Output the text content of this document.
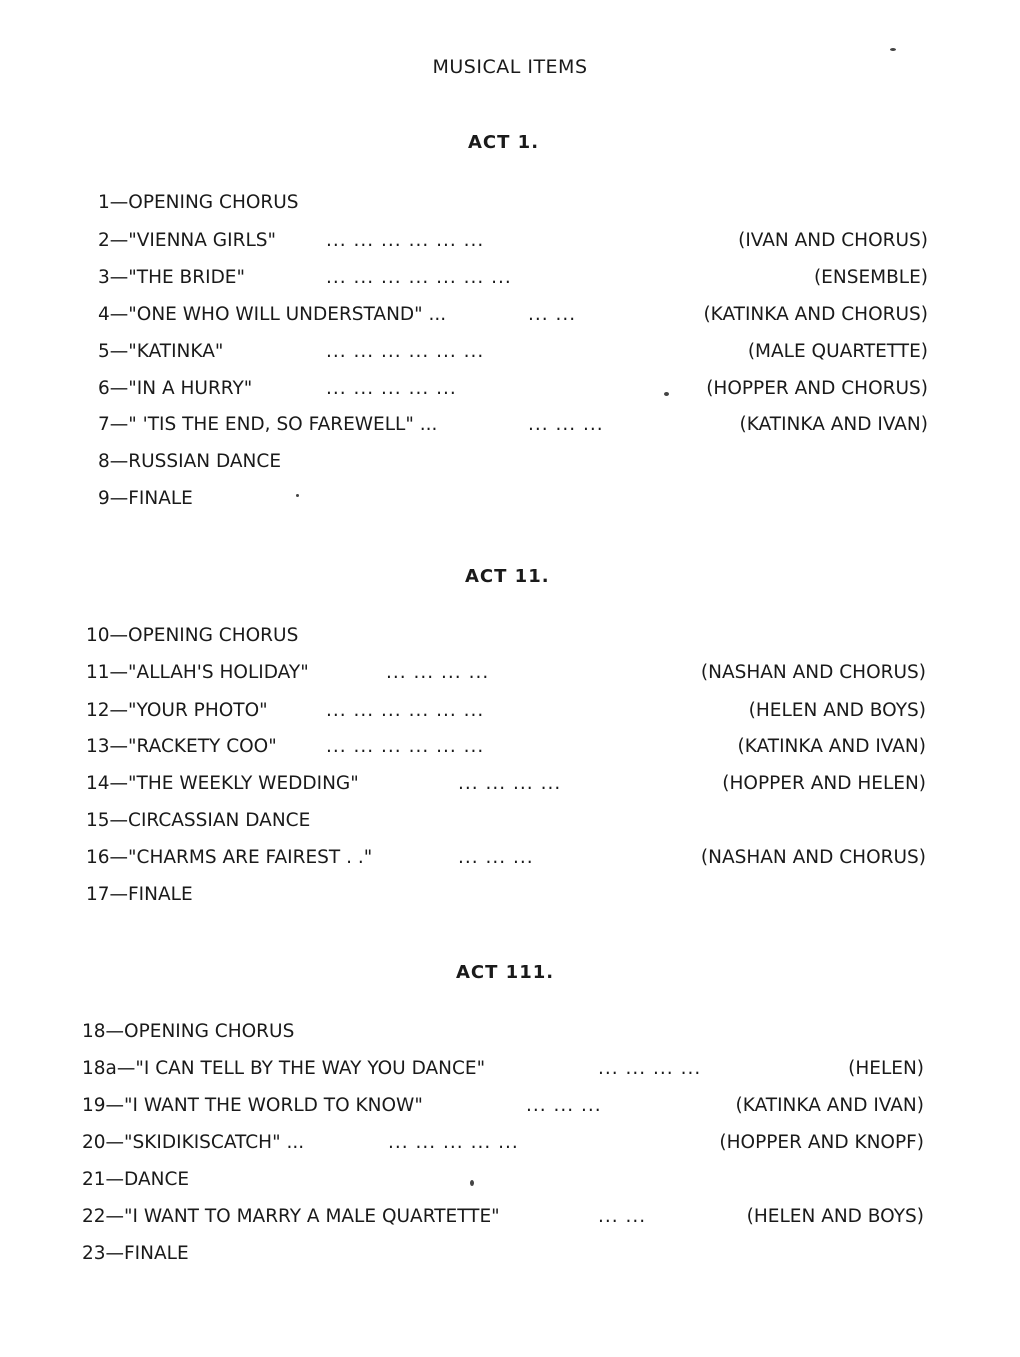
MUSICAL ITEMS
ACT 1.
1—OPENING CHORUS
2—"VIENNA GIRLS"	... ... ... ... ... ...	(IVAN AND CHORUS)
3—"THE BRIDE"	... ... ... ... ... ... ...	(ENSEMBLE)
4—"ONE WHO WILL UNDERSTAND" ...	... ...	(KATINKA AND CHORUS)
5—"KATINKA"	... ... ... ... ... ...	(MALE QUARTETTE)
6—"IN A HURRY"	... ... ... ... ...	(HOPPER AND CHORUS)
7—" 'TIS THE END, SO FAREWELL" ...	... ... ...	(KATINKA AND IVAN)
8—RUSSIAN DANCE
9—FINALE
ACT 11.
10—OPENING CHORUS
11—"ALLAH'S HOLIDAY"	... ... ... ...	(NASHAN AND CHORUS)
12—"YOUR PHOTO"	... ... ... ... ... ...	(HELEN AND BOYS)
13—"RACKETY COO"	... ... ... ... ... ...	(KATINKA AND IVAN)
14—"THE WEEKLY WEDDING"	... ... ... ...	(HOPPER AND HELEN)
15—CIRCASSIAN DANCE
16—"CHARMS ARE FAIREST . ."	... ... ...	(NASHAN AND CHORUS)
17—FINALE
ACT 111.
18—OPENING CHORUS
18a—"I CAN TELL BY THE WAY YOU DANCE"	... ... ... ...	(HELEN)
19—"I WANT THE WORLD TO KNOW"	... ... ...	(KATINKA AND IVAN)
20—"SKIDIKISCATCH" ...	... ... ... ... ...	(HOPPER AND KNOPF)
21—DANCE
22—"I WANT TO MARRY A MALE QUARTETTE"	... ...	(HELEN AND BOYS)
23—FINALE
